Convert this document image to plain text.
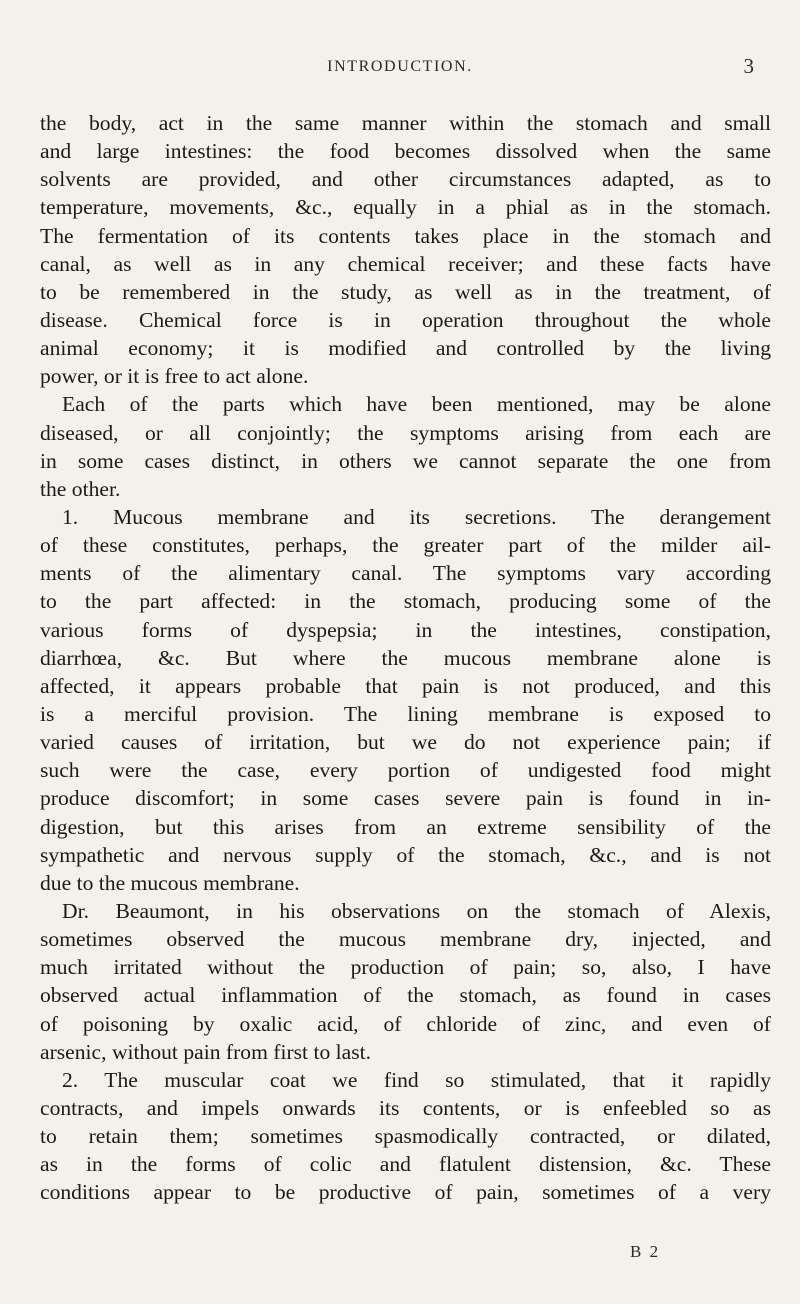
INTRODUCTION.	3
the body, act in the same manner within the stomach and small
and large intestines: the food becomes dissolved when the same
solvents are provided, and other circumstances adapted, as to
temperature, movements, &c., equally in a phial as in the stomach.
The fermentation of its contents takes place in the stomach and
canal, as well as in any chemical receiver; and these facts have
to be remembered in the study, as well as in the treatment, of
disease. Chemical force is in operation throughout the whole
animal economy; it is modified and controlled by the living
power, or it is free to act alone.
Each of the parts which have been mentioned, may be alone
diseased, or all conjointly; the symptoms arising from each are
in some cases distinct, in others we cannot separate the one from
the other.
1. Mucous membrane and its secretions. The derangement
of these constitutes, perhaps, the greater part of the milder ail-
ments of the alimentary canal. The symptoms vary according
to the part affected: in the stomach, producing some of the
various forms of dyspepsia; in the intestines, constipation,
diarrhœa, &c. But where the mucous membrane alone is
affected, it appears probable that pain is not produced, and this
is a merciful provision. The lining membrane is exposed to
varied causes of irritation, but we do not experience pain; if
such were the case, every portion of undigested food might
produce discomfort; in some cases severe pain is found in in-
digestion, but this arises from an extreme sensibility of the
sympathetic and nervous supply of the stomach, &c., and is not
due to the mucous membrane.
Dr. Beaumont, in his observations on the stomach of Alexis,
sometimes observed the mucous membrane dry, injected, and
much irritated without the production of pain; so, also, I have
observed actual inflammation of the stomach, as found in cases
of poisoning by oxalic acid, of chloride of zinc, and even of
arsenic, without pain from first to last.
2. The muscular coat we find so stimulated, that it rapidly
contracts, and impels onwards its contents, or is enfeebled so as
to retain them; sometimes spasmodically contracted, or dilated,
as in the forms of colic and flatulent distension, &c. These
conditions appear to be productive of pain, sometimes of a very
B 2
